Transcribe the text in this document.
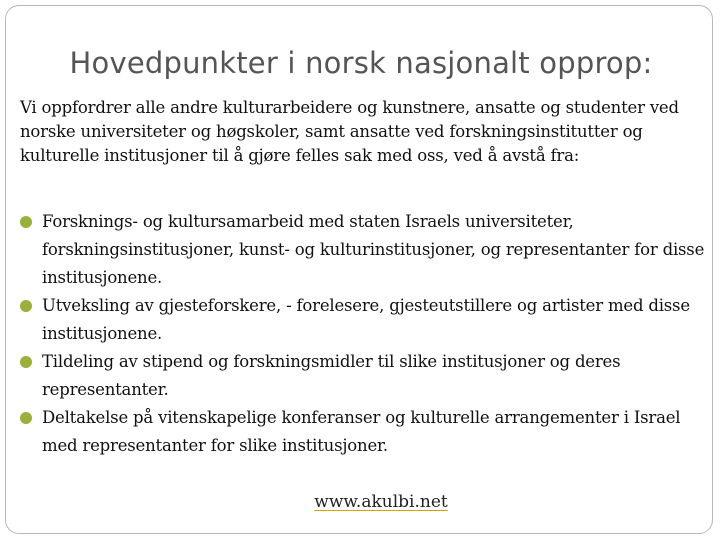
Hovedpunkter i norsk nasjonalt opprop:

Vi oppfordrer alle andre kulturarbeidere og kunstnere, ansatte og studenter ved norske universiteter og høgskoler, samt ansatte ved forskningsinstitutter og kulturelle institusjoner til å gjøre felles sak med oss, ved å avstå fra:

Forsknings- og kultursamarbeid med staten Israels universiteter, forskningsinstitusjoner, kunst- og kulturinstitusjoner, og representanter for disse institusjonene.
Utveksling av gjesteforskere, - forelesere, gjesteutstillere og artister med disse institusjonene.
Tildeling av stipend og forskningsmidler til slike institusjoner og deres representanter.
Deltakelse på vitenskapelige konferanser og kulturelle arrangementer i Israel med representanter for slike institusjoner.
www.akulbi.net
